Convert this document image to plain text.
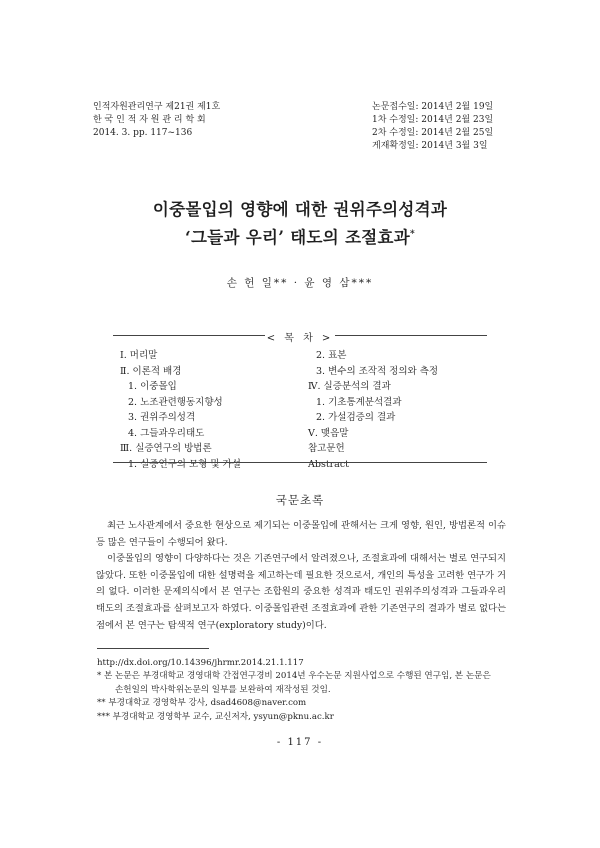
인적자원관리연구 제21권 제1호
한 국 인 적 자 원 관 리 학 회
2014. 3. pp. 117~136
논문접수일: 2014년 2월 19일
1차 수정일: 2014년 2월 23일
2차 수정일: 2014년 2월 25일
게재확정일: 2014년 3월 3일
이중몰입의 영향에 대한 권위주의성격과
‘그들과 우리’ 태도의 조절효과*
손 헌 일** · 윤 영 삼***
< 목 차 >
Ⅰ. 머리말
Ⅱ. 이론적 배경
1. 이중몰입
2. 노조관련행동지향성
3. 권위주의성격
4. 그들과우리태도
Ⅲ. 실증연구의 방법론
1. 실증연구의 모형 및 가설
2. 표본
3. 변수의 조작적 정의와 측정
Ⅳ. 실증분석의 결과
1. 기초통계분석결과
2. 가설검증의 결과
Ⅴ. 맺음말
참고문헌
Abstract
국문초록

최근 노사관계에서 중요한 현상으로 제기되는 이중몰입에 관해서는 크게 영향, 원인, 방법론적 이슈 등 많은 연구들이 수행되어 왔다.

이중몰입의 영향이 다양하다는 것은 기존연구에서 알려졌으나, 조절효과에 대해서는 별로 연구되지 않았다. 또한 이중몰입에 대한 설명력을 제고하는데 필요한 것으로서, 개인의 특성을 고려한 연구가 거의 없다. 이러한 문제의식에서 본 연구는 조합원의 중요한 성격과 태도인 권위주의성격과 그들과우리태도의 조절효과를 살펴보고자 하였다. 이중몰입관련 조절효과에 관한 기존연구의 결과가 별로 없다는 점에서 본 연구는 탐색적 연구(exploratory study)이다.

http://dx.doi.org/10.14396/jhrmr.2014.21.1.117
* 본 논문은 부경대학교 경영대학 간접연구경비 2014년 우수논문 지원사업으로 수행된 연구임, 본 논문은
손헌일의 박사학위논문의 일부를 보완하여 재작성된 것임.
** 부경대학교 경영학부 강사, dsad4608@naver.com
*** 부경대학교 경영학부 교수, 교신저자, ysyun@pknu.ac.kr
- 117 -
